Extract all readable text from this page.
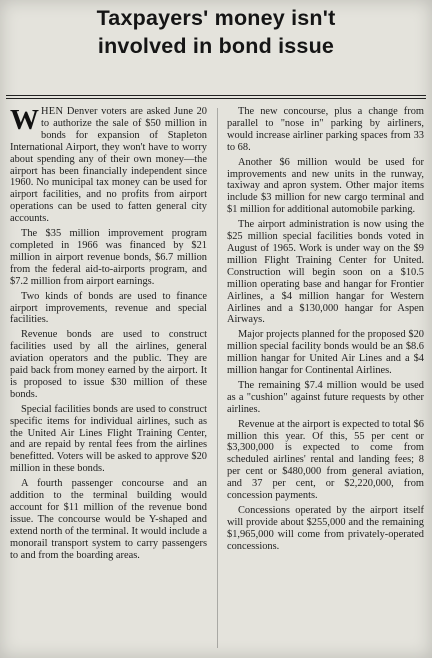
Taxpayers' money isn't
involved in bond issue

WHEN Denver voters are asked June 20 to authorize the sale of $50 million in bonds for expansion of Stapleton International Airport, they won't have to worry about spending any of their own money—the airport has been financially independent since 1960. No municipal tax money can be used for airport facilities, and no profits from airport operations can be used to fatten general city accounts.

The $35 million improvement program completed in 1966 was financed by $21 million in airport revenue bonds, $6.7 million from the federal aid-to-airports program, and $7.2 million from airport earnings.

Two kinds of bonds are used to finance airport improvements, revenue and special facilities.

Revenue bonds are used to construct facilities used by all the airlines, general aviation operators and the public. They are paid back from money earned by the airport. It is proposed to issue $30 million of these bonds.

Special facilities bonds are used to construct specific items for individual airlines, such as the United Air Lines Flight Training Center, and are repaid by rental fees from the airlines benefitted. Voters will be asked to approve $20 million in these bonds.

A fourth passenger concourse and an addition to the terminal building would account for $11 million of the revenue bond issue. The concourse would be Y-shaped and extend north of the terminal. It would include a monorail transport system to carry passengers to and from the boarding areas.

The new concourse, plus a change from parallel to "nose in" parking by airliners, would increase airliner parking spaces from 33 to 68.

Another $6 million would be used for improvements and new units in the runway, taxiway and apron system. Other major items include $3 million for new cargo terminal and $1 million for additional automobile parking.

The airport administration is now using the $25 million special facilities bonds voted in August of 1965. Work is under way on the $9 million Flight Training Center for United. Construction will begin soon on a $10.5 million operating base and hangar for Frontier Airlines, a $4 million hangar for Western Airlines and a $130,000 hangar for Aspen Airways.

Major projects planned for the proposed $20 million special facility bonds would be an $8.6 million hangar for United Air Lines and a $4 million hangar for Continental Airlines.

The remaining $7.4 million would be used as a "cushion" against future requests by other airlines.

Revenue at the airport is expected to total $6 million this year. Of this, 55 per cent or $3,300,000 is expected to come from scheduled airlines' rental and landing fees; 8 per cent or $480,000 from general aviation, and 37 per cent, or $2,220,000, from concession payments.

Concessions operated by the airport itself will provide about $255,000 and the remaining $1,965,000 will come from privately-operated concessions.
